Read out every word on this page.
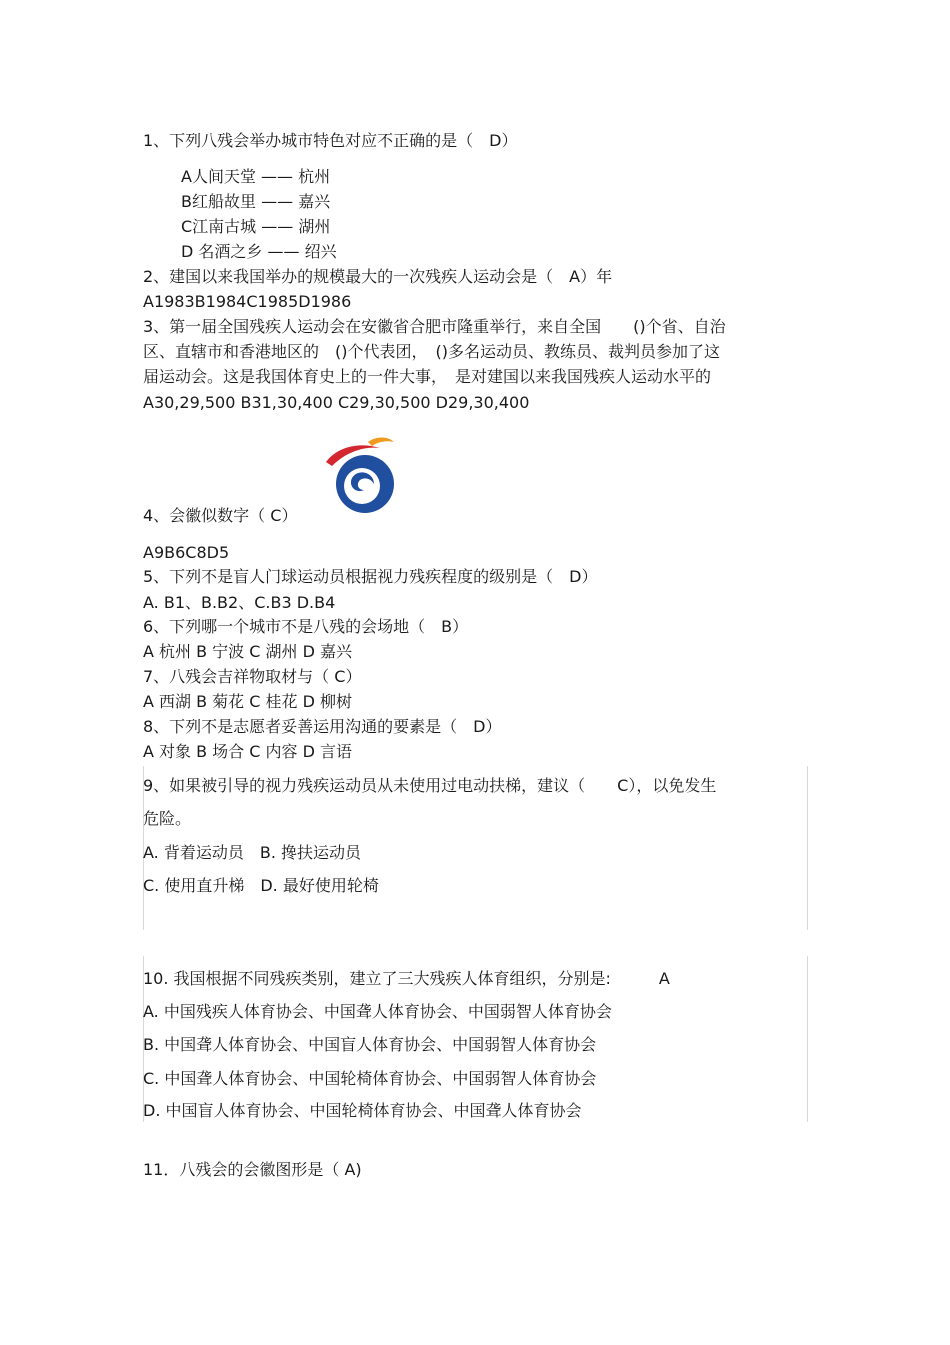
1、下列八残会举办城市特色对应不正确的是（　D）
A人间天堂 —— 杭州
B红船故里 —— 嘉兴
C江南古城 —— 湖州
D 名酒之乡 —— 绍兴
2、建国以来我国举办的规模最大的一次残疾人运动会是（　A）年
A1983B1984C1985D1986
3、第一届全国残疾人运动会在安徽省合肥市隆重举行，来自全国　　()个省、自治
区、直辖市和香港地区的　()个代表团，　()多名运动员、教练员、裁判员参加了这
届运动会。这是我国体育史上的一件大事，　是对建国以来我国残疾人运动水平的
A30,29,500 B31,30,400 C29,30,500 D29,30,400
4、会徽似数字（ C）
A9B6C8D5
5、下列不是盲人门球运动员根据视力残疾程度的级别是（　D）
A. B1、B.B2、C.B3 D.B4
6、下列哪一个城市不是八残的会场地（　B）
A 杭州 B 宁波 C 湖州 D 嘉兴
7、八残会吉祥物取材与（ C）
A 西湖 B 菊花 C 桂花 D 柳树
8、下列不是志愿者妥善运用沟通的要素是（　D）
A 对象 B 场合 C 内容 D 言语
9、如果被引导的视力残疾运动员从未使用过电动扶梯，建议（　　C），以免发生
危险。
A. 背着运动员　B. 搀扶运动员
C. 使用直升梯　D. 最好使用轮椅
10. 我国根据不同残疾类别，建立了三大残疾人体育组织，分别是:　　　A
A. 中国残疾人体育协会、中国聋人体育协会、中国弱智人体育协会
B. 中国聋人体育协会、中国盲人体育协会、中国弱智人体育协会
C. 中国聋人体育协会、中国轮椅体育协会、中国弱智人体育协会
D. 中国盲人体育协会、中国轮椅体育协会、中国聋人体育协会
11．八残会的会徽图形是（ A)
